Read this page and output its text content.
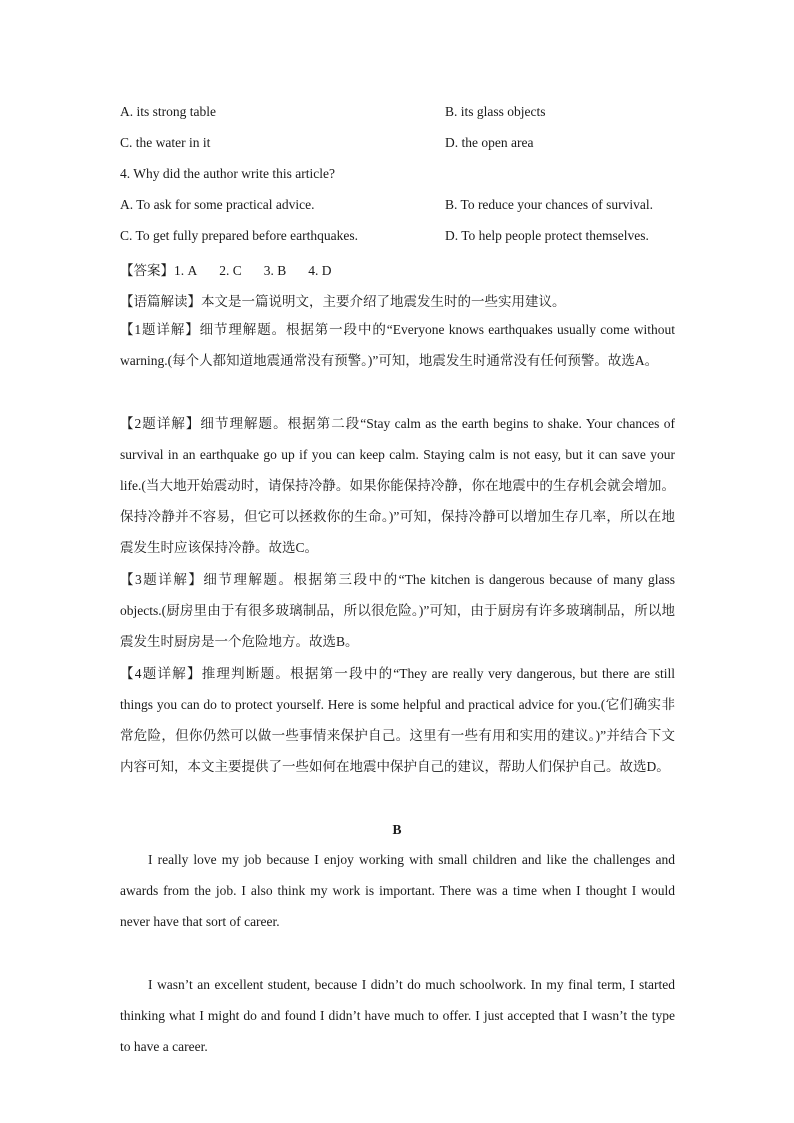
A. its strong table	B. its glass objects
C. the water in it	D. the open area
4. Why did the author write this article?
A. To ask for some practical advice.	B. To reduce your chances of survival.
C. To get fully prepared before earthquakes.	D. To help people protect themselves.
【答案】1. A 2. C 3. B 4. D
【语篇解读】本文是一篇说明文，主要介绍了地震发生时的一些实用建议。

【1题详解】细节理解题。根据第一段中的“Everyone knows earthquakes usually come without warning.(每个人都知道地震通常没有预警。)”可知，地震发生时通常没有任何预警。故选A。

【2题详解】细节理解题。根据第二段“Stay calm as the earth begins to shake. Your chances of survival in an earthquake go up if you can keep calm. Staying calm is not easy, but it can save your life.(当大地开始震动时，请保持冷静。如果你能保持冷静，你在地震中的生存机会就会增加。保持冷静并不容易，但它可以拯救你的生命。)”可知，保持冷静可以增加生存几率，所以在地震发生时应该保持冷静。故选C。

【3题详解】细节理解题。根据第三段中的“The kitchen is dangerous because of many glass objects.(厨房里由于有很多玻璃制品，所以很危险。)”可知，由于厨房有许多玻璃制品，所以地震发生时厨房是一个危险地方。故选B。

【4题详解】推理判断题。根据第一段中的“They are really very dangerous, but there are still things you can do to protect yourself. Here is some helpful and practical advice for you.(它们确实非常危险，但你仍然可以做一些事情来保护自己。这里有一些有用和实用的建议。)”并结合下文内容可知，本文主要提供了一些如何在地震中保护自己的建议，帮助人们保护自己。故选D。

B

I really love my job because I enjoy working with small children and like the challenges and awards from the job. I also think my work is important. There was a time when I thought I would never have that sort of career.

I wasn’t an excellent student, because I didn’t do much schoolwork. In my final term, I started thinking what I might do and found I didn’t have much to offer. I just accepted that I wasn’t the type to have a career.
